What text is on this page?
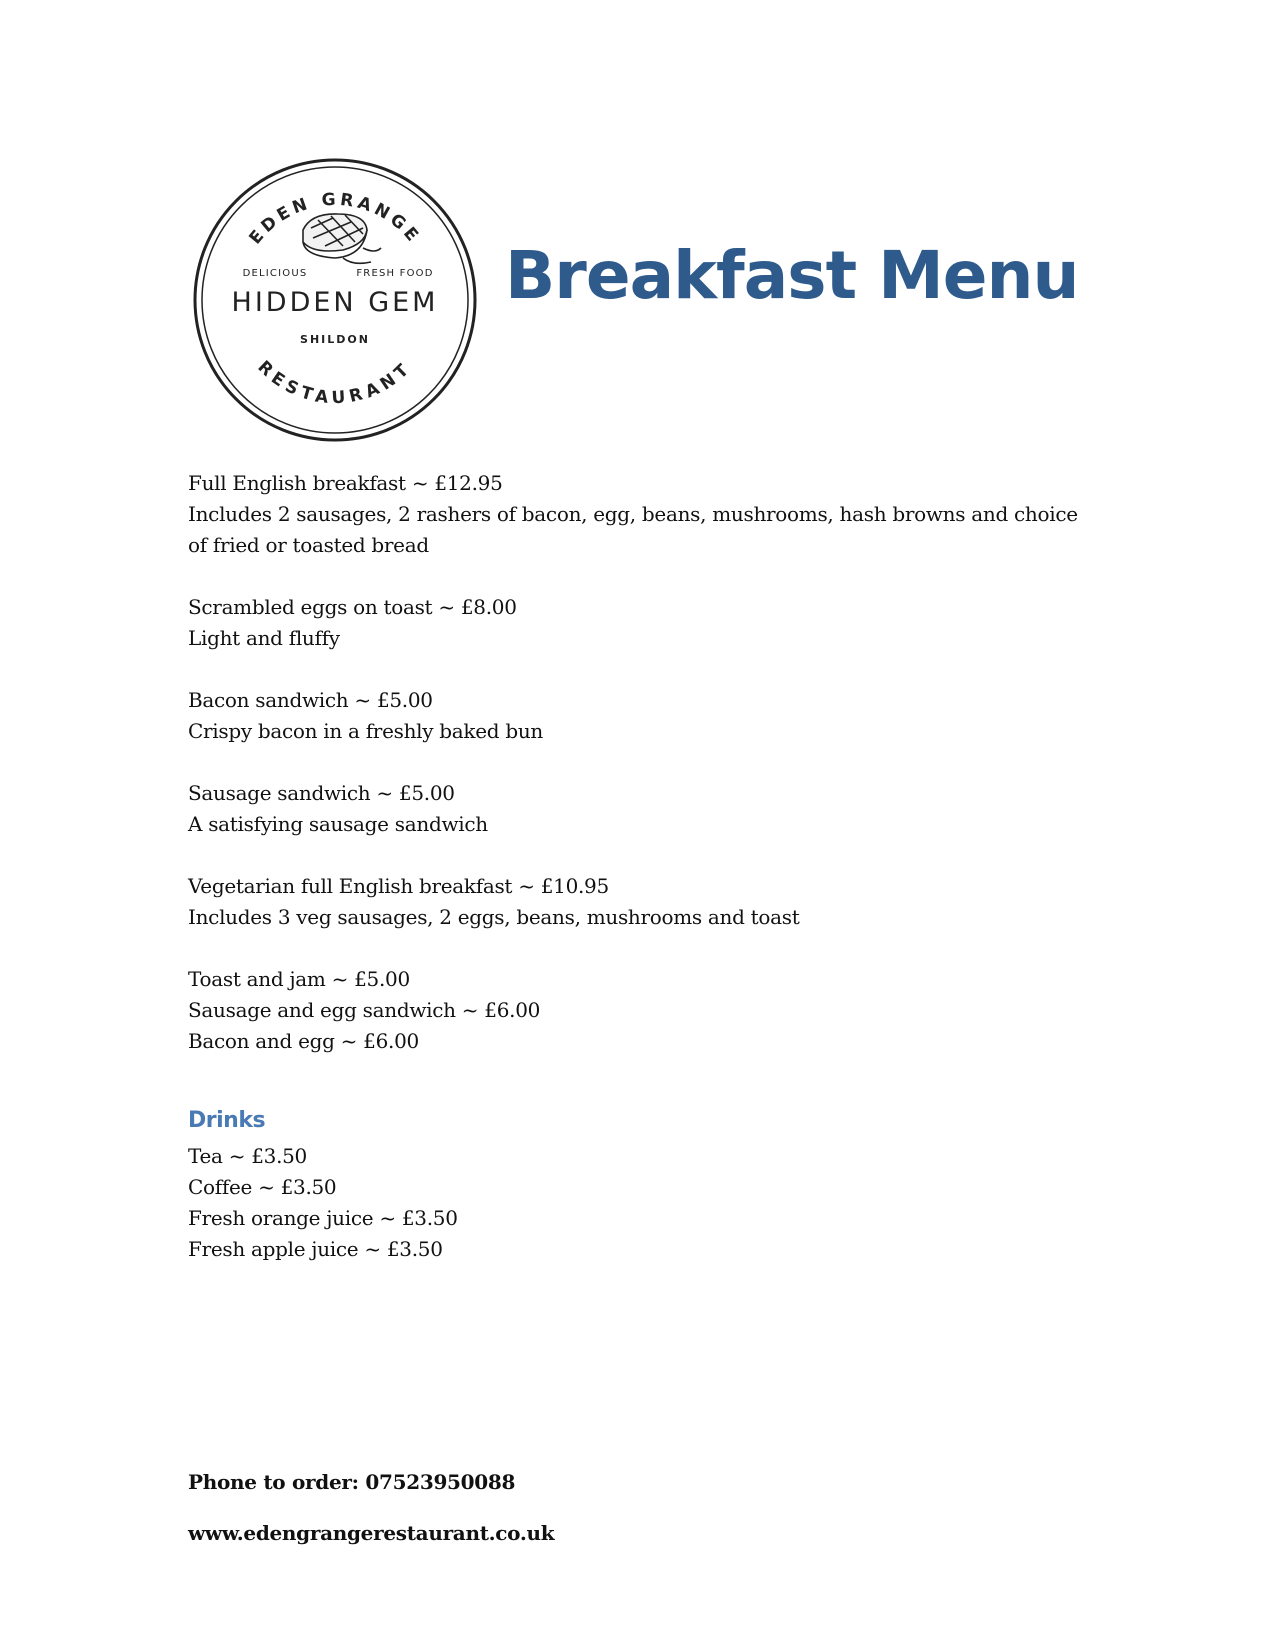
EDEN GRANGE
RESTAURANT
DELICIOUS	FRESH FOOD
HIDDEN GEM
SHILDON
Breakfast Menu
Full English breakfast ~ £12.95
Includes 2 sausages, 2 rashers of bacon, egg, beans, mushrooms, hash browns and choice of fried or toasted bread
Scrambled eggs on toast ~ £8.00
Light and fluffy
Bacon sandwich ~ £5.00
Crispy bacon in a freshly baked bun
Sausage sandwich ~ £5.00
A satisfying sausage sandwich
Vegetarian full English breakfast ~ £10.95
Includes 3 veg sausages, 2 eggs, beans, mushrooms and toast
Toast and jam ~ £5.00
Sausage and egg sandwich ~ £6.00
Bacon and egg ~ £6.00
Drinks
Tea ~ £3.50
Coffee ~ £3.50
Fresh orange juice ~ £3.50
Fresh apple juice ~ £3.50
Phone to order: 07523950088
www.edengrangerestaurant.co.uk
